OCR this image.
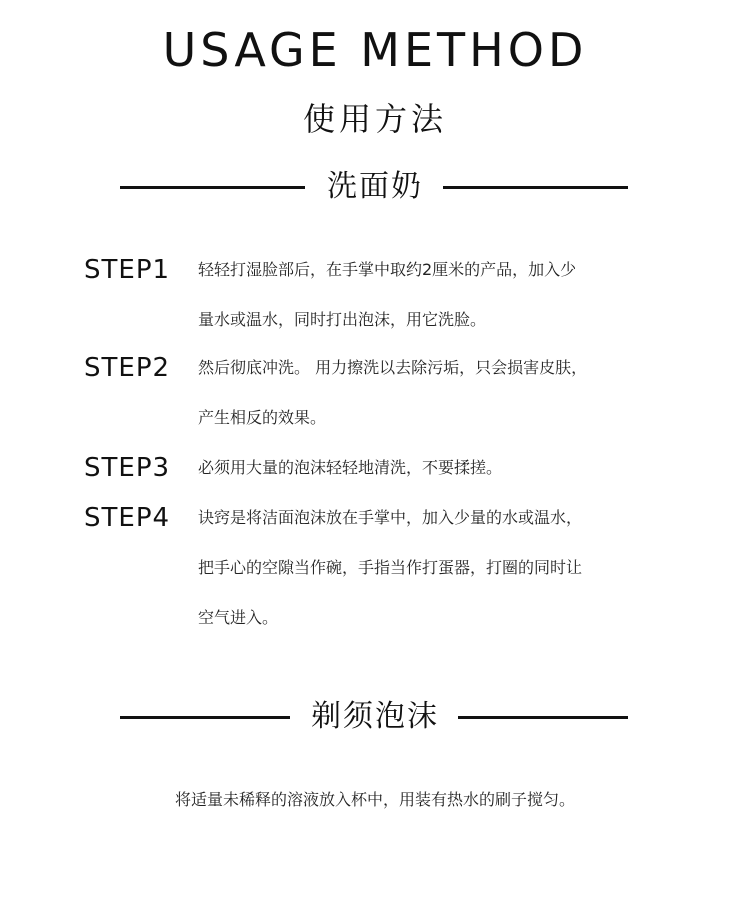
USAGE METHOD
使用方法
洗面奶
STEP1 轻轻打湿脸部后，在手掌中取约2厘米的产品，加入少
量水或温水，同时打出泡沫，用它洗脸。
STEP2 然后彻底冲洗。 用力擦洗以去除污垢，只会损害皮肤，
产生相反的效果。
STEP3 必须用大量的泡沫轻轻地清洗，不要揉搓。
STEP4 诀窍是将洁面泡沫放在手掌中，加入少量的水或温水，
把手心的空隙当作碗，手指当作打蛋器，打圈的同时让
空气进入。
剃须泡沫
将适量未稀释的溶液放入杯中，用装有热水的刷子搅匀。
